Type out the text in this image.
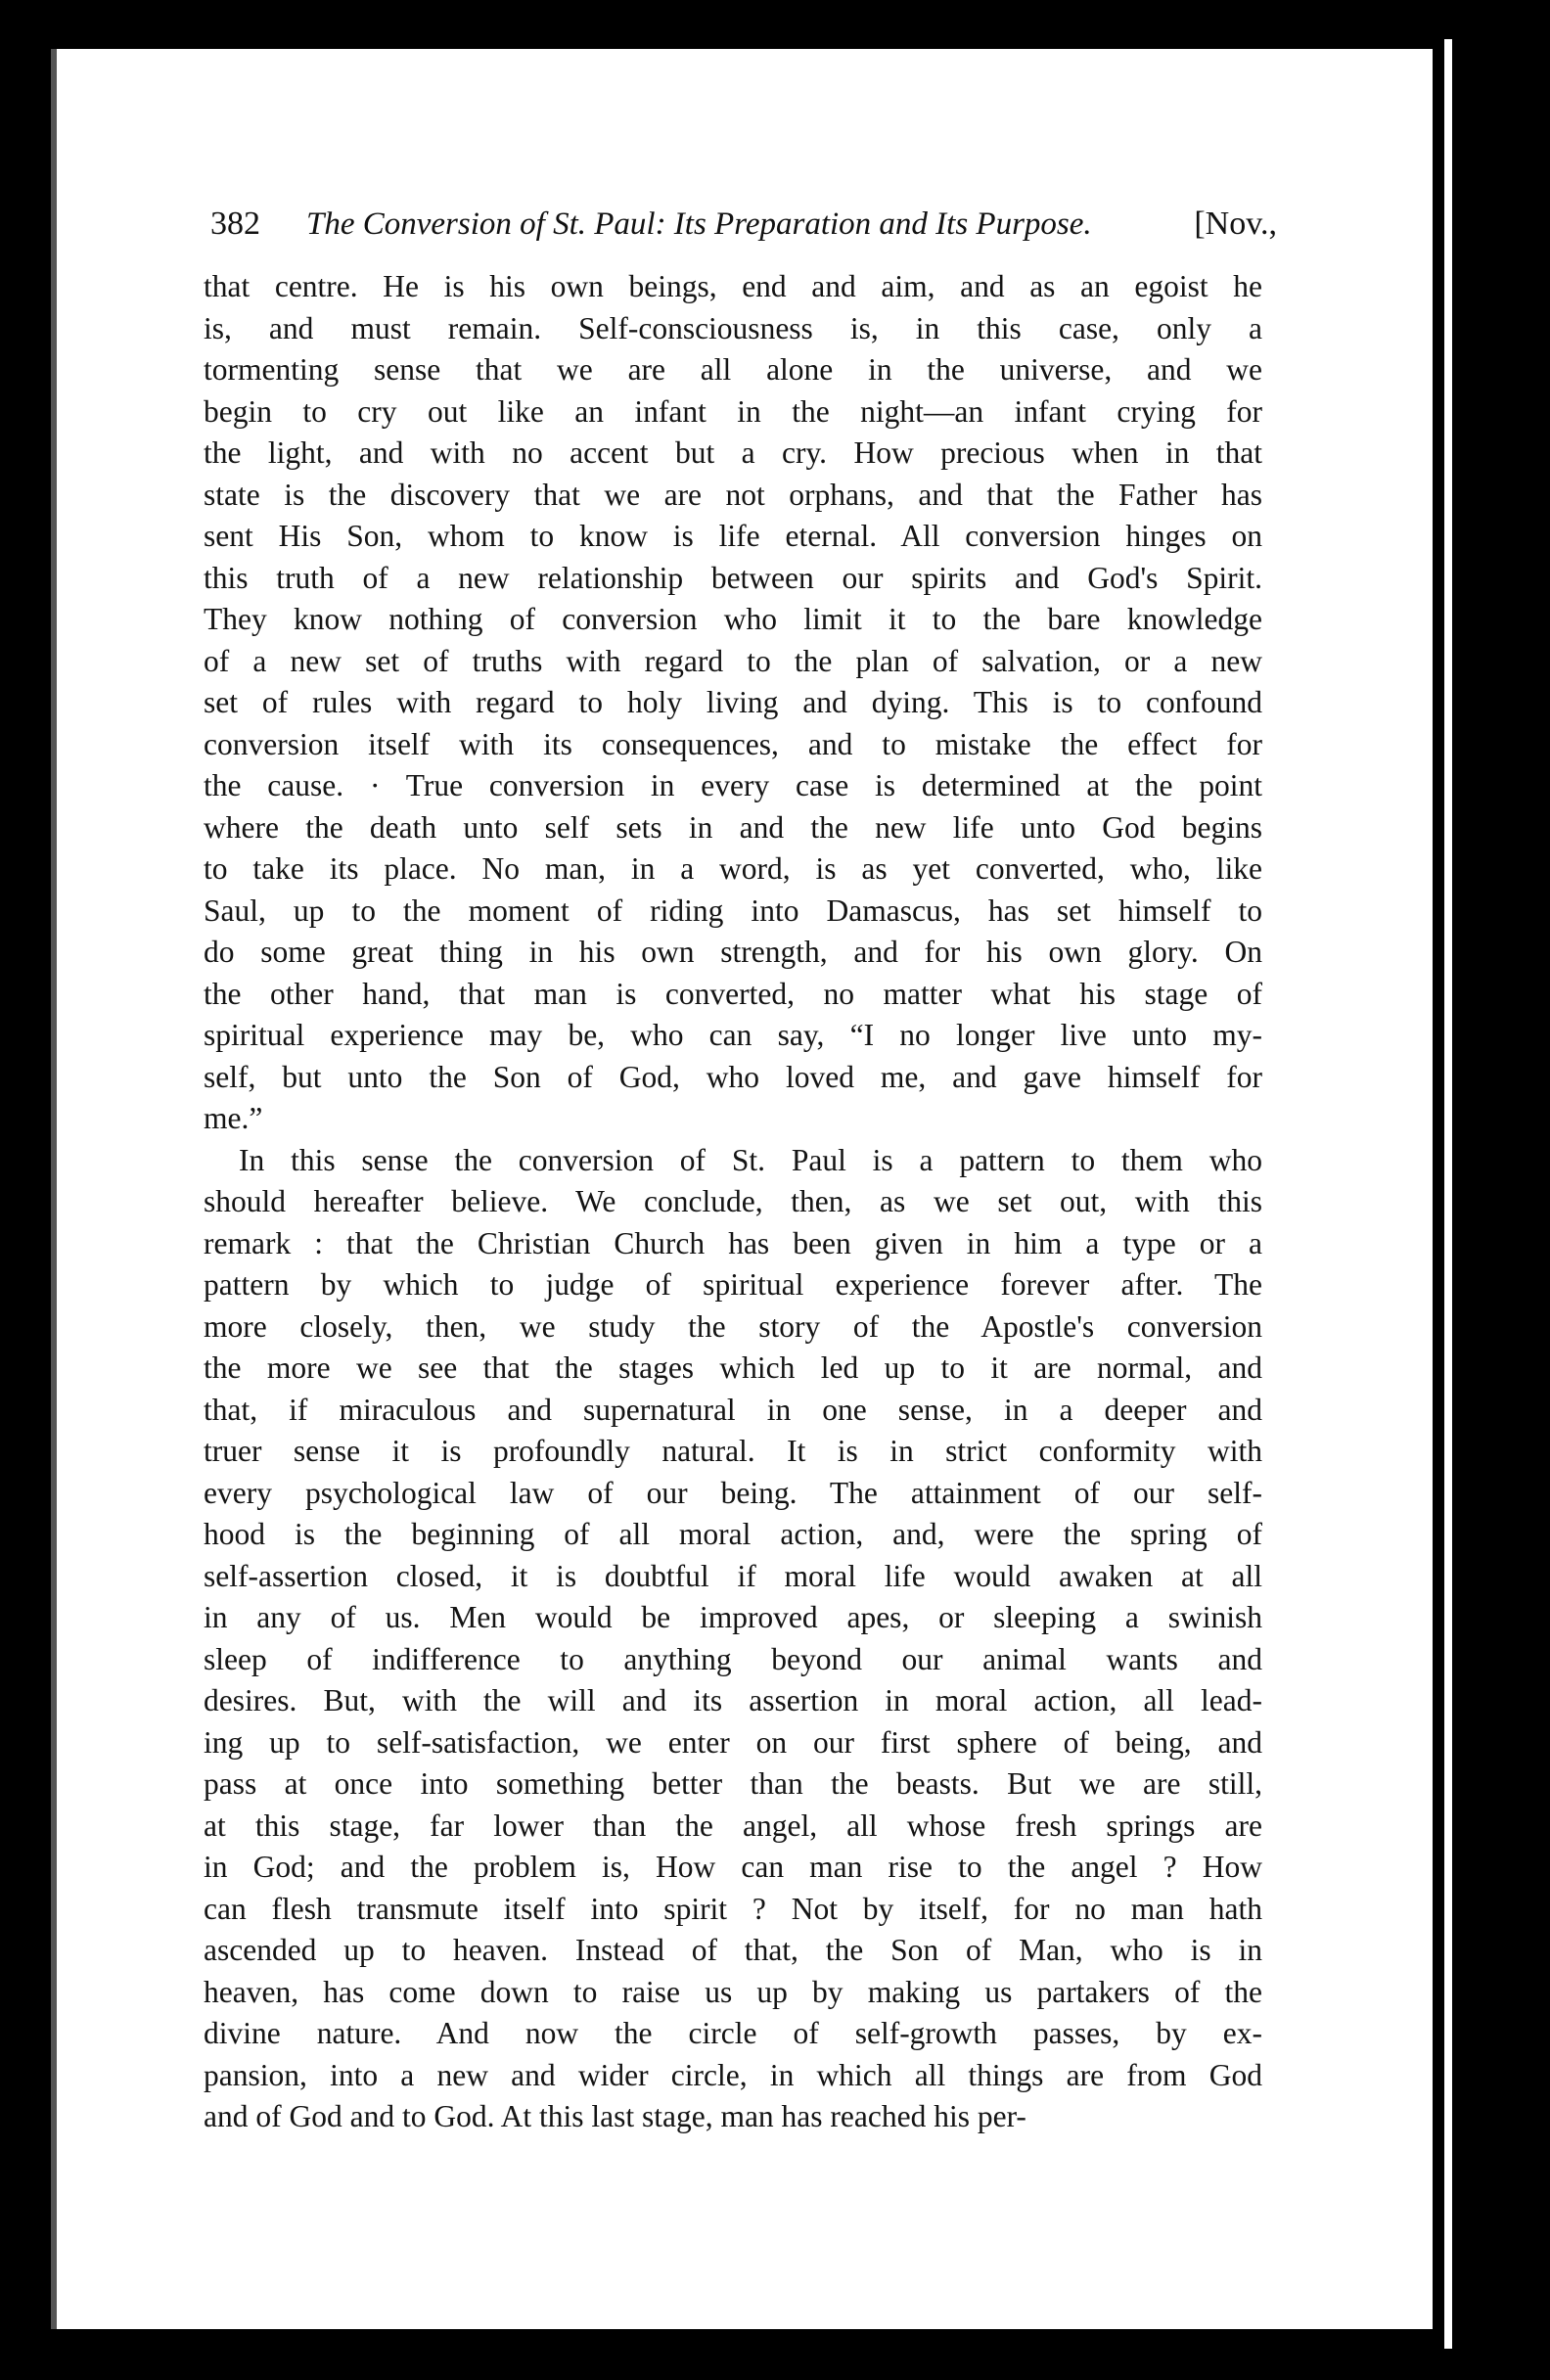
382 The Conversion of St. Paul: Its Preparation and Its Purpose.	[Nov.,
that centre. He is his own beings, end and aim, and as an egoist he
is, and must remain. Self-consciousness is, in this case, only a
tormenting sense that we are all alone in the universe, and we
begin to cry out like an infant in the night—an infant crying for
the light, and with no accent but a cry. How precious when in that
state is the discovery that we are not orphans, and that the Father has
sent His Son, whom to know is life eternal. All conversion hinges on
this truth of a new relationship between our spirits and God's Spirit.
They know nothing of conversion who limit it to the bare knowledge
of a new set of truths with regard to the plan of salvation, or a new
set of rules with regard to holy living and dying. This is to confound
conversion itself with its consequences, and to mistake the effect for
the cause. · True conversion in every case is determined at the point
where the death unto self sets in and the new life unto God begins
to take its place. No man, in a word, is as yet converted, who, like
Saul, up to the moment of riding into Damascus, has set himself to
do some great thing in his own strength, and for his own glory. On
the other hand, that man is converted, no matter what his stage of
spiritual experience may be, who can say, “I no longer live unto my-
self, but unto the Son of God, who loved me, and gave himself for
me.”
In this sense the conversion of St. Paul is a pattern to them who
should hereafter believe. We conclude, then, as we set out, with this
remark : that the Christian Church has been given in him a type or a
pattern by which to judge of spiritual experience forever after. The
more closely, then, we study the story of the Apostle's conversion
the more we see that the stages which led up to it are normal, and
that, if miraculous and supernatural in one sense, in a deeper and
truer sense it is profoundly natural. It is in strict conformity with
every psychological law of our being. The attainment of our self-
hood is the beginning of all moral action, and, were the spring of
self-assertion closed, it is doubtful if moral life would awaken at all
in any of us. Men would be improved apes, or sleeping a swinish
sleep of indifference to anything beyond our animal wants and
desires. But, with the will and its assertion in moral action, all lead-
ing up to self-satisfaction, we enter on our first sphere of being, and
pass at once into something better than the beasts. But we are still,
at this stage, far lower than the angel, all whose fresh springs are
in God; and the problem is, How can man rise to the angel ? How
can flesh transmute itself into spirit ? Not by itself, for no man hath
ascended up to heaven. Instead of that, the Son of Man, who is in
heaven, has come down to raise us up by making us partakers of the
divine nature. And now the circle of self-growth passes, by ex-
pansion, into a new and wider circle, in which all things are from God
and of God and to God. At this last stage, man has reached his per-
